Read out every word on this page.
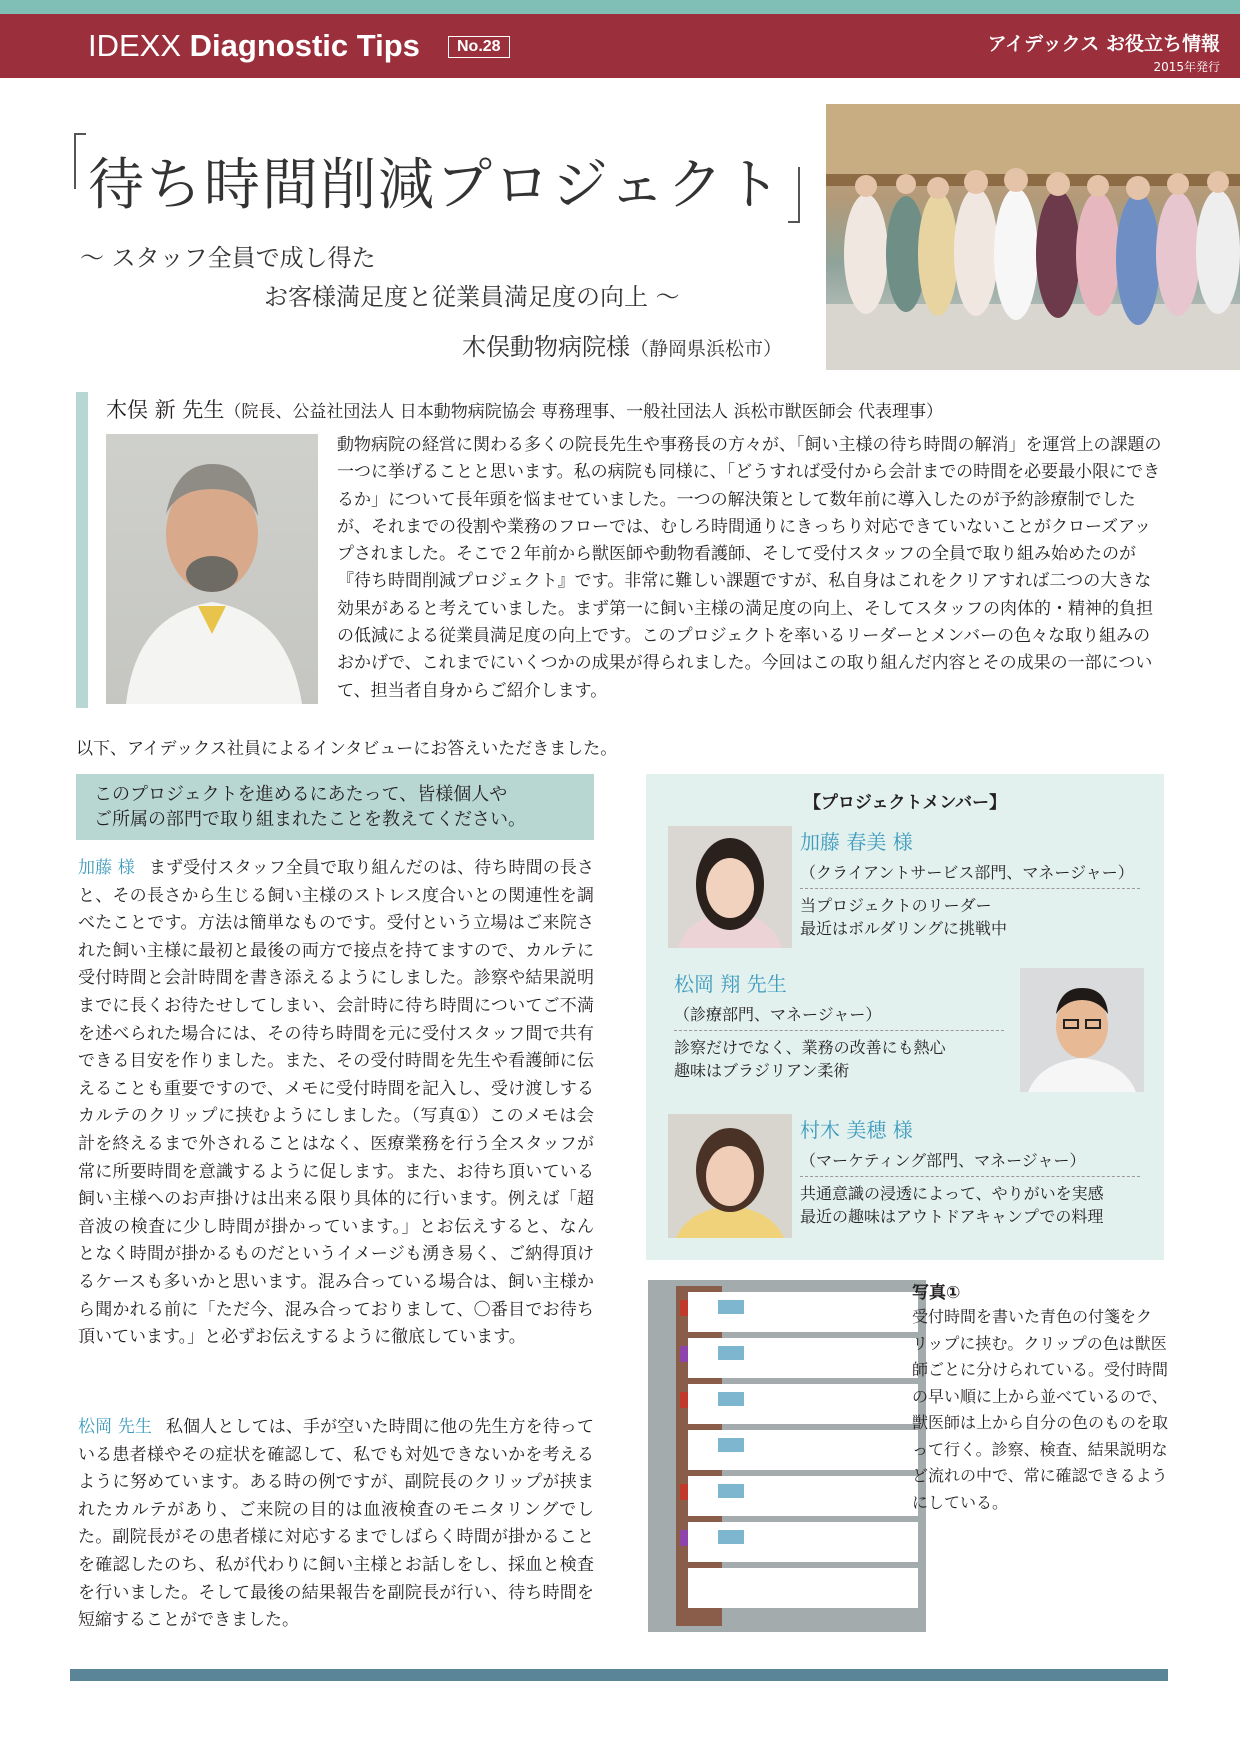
IDEXX Diagnostic Tips	No.28	アイデックス お役立ち情報
2015年発行
待ち時間削減プロジェクト
〜 スタッフ全員で成し得た
お客様満足度と従業員満足度の向上 〜
木俣動物病院様（静岡県浜松市）
木俣 新 先生（院長、公益社団法人 日本動物病院協会 専務理事、一般社団法人 浜松市獣医師会 代表理事）
動物病院の経営に関わる多くの院長先生や事務長の方々が、「飼い主様の待ち時間の解消」を運営上の課題の一つに挙げることと思います。私の病院も同様に、「どうすれば受付から会計までの時間を必要最小限にできるか」について長年頭を悩ませていました。一つの解決策として数年前に導入したのが予約診療制でしたが、それまでの役割や業務のフローでは、むしろ時間通りにきっちり対応できていないことがクローズアップされました。そこで２年前から獣医師や動物看護師、そして受付スタッフの全員で取り組み始めたのが『待ち時間削減プロジェクト』です。非常に難しい課題ですが、私自身はこれをクリアすれば二つの大きな効果があると考えていました。まず第一に飼い主様の満足度の向上、そしてスタッフの肉体的・精神的負担の低減による従業員満足度の向上です。このプロジェクトを率いるリーダーとメンバーの色々な取り組みのおかげで、これまでにいくつかの成果が得られました。今回はこの取り組んだ内容とその成果の一部について、担当者自身からご紹介します。
以下、アイデックス社員によるインタビューにお答えいただきました。
このプロジェクトを進めるにあたって、皆様個人や
ご所属の部門で取り組まれたことを教えてください。
加藤 様 まず受付スタッフ全員で取り組んだのは、待ち時間の長さと、その長さから生じる飼い主様のストレス度合いとの関連性を調べたことです。方法は簡単なものです。受付という立場はご来院された飼い主様に最初と最後の両方で接点を持てますので、カルテに受付時間と会計時間を書き添えるようにしました。診察や結果説明までに長くお待たせしてしまい、会計時に待ち時間についてご不満を述べられた場合には、その待ち時間を元に受付スタッフ間で共有できる目安を作りました。また、その受付時間を先生や看護師に伝えることも重要ですので、メモに受付時間を記入し、受け渡しするカルテのクリップに挟むようにしました。（写真①）このメモは会計を終えるまで外されることはなく、医療業務を行う全スタッフが常に所要時間を意識するように促します。また、お待ち頂いている飼い主様へのお声掛けは出来る限り具体的に行います。例えば「超音波の検査に少し時間が掛かっています。」とお伝えすると、なんとなく時間が掛かるものだというイメージも湧き易く、ご納得頂けるケースも多いかと思います。混み合っている場合は、飼い主様から聞かれる前に「ただ今、混み合っておりまして、〇番目でお待ち頂いています。」と必ずお伝えするように徹底しています。
松岡 先生 私個人としては、手が空いた時間に他の先生方を待っている患者様やその症状を確認して、私でも対処できないかを考えるように努めています。ある時の例ですが、副院長のクリップが挟まれたカルテがあり、ご来院の目的は血液検査のモニタリングでした。副院長がその患者様に対応するまでしばらく時間が掛かることを確認したのち、私が代わりに飼い主様とお話しをし、採血と検査を行いました。そして最後の結果報告を副院長が行い、待ち時間を短縮することができました。
【プロジェクトメンバー】
加藤 春美 様
（クライアントサービス部門、マネージャー）
当プロジェクトのリーダー
最近はボルダリングに挑戦中
松岡 翔 先生
（診療部門、マネージャー）
診察だけでなく、業務の改善にも熱心
趣味はブラジリアン柔術
村木 美穂 様
（マーケティング部門、マネージャー）
共通意識の浸透によって、やりがいを実感
最近の趣味はアウトドアキャンプでの料理
写真①
受付時間を書いた青色の付箋をクリップに挟む。クリップの色は獣医師ごとに分けられている。受付時間の早い順に上から並べているので、獣医師は上から自分の色のものを取って行く。診察、検査、結果説明など流れの中で、常に確認できるようにしている。
